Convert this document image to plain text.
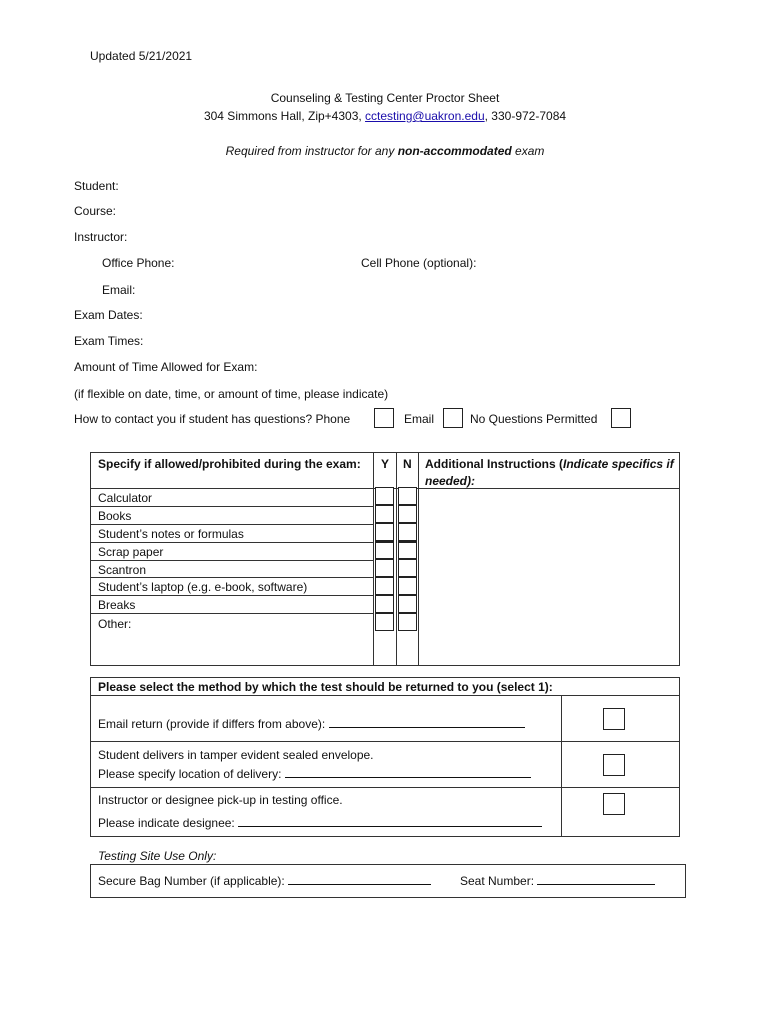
Updated 5/21/2021
Counseling & Testing Center Proctor Sheet
304 Simmons Hall, Zip+4303, cctesting@uakron.edu, 330-972-7084
Required from instructor for any non-accommodated exam
Student:
Course:
Instructor:
Office Phone:	Cell Phone (optional):
Email:
Exam Dates:
Exam Times:
Amount of Time Allowed for Exam:
(if flexible on date, time, or amount of time, please indicate)
How to contact you if student has questions? Phone	Email	No Questions Permitted
Specify if allowed/prohibited during the exam: Y N Additional Instructions (Indicate specifics if
needed):
Calculator
Books
Student’s notes or formulas
Scrap paper
Scantron
Student’s laptop (e.g. e-book, software)
Breaks
Other:
Please select the method by which the test should be returned to you (select 1):
Email return (provide if differs from above):
Student delivers in tamper evident sealed envelope.
Please specify location of delivery:
Instructor or designee pick-up in testing office.
Please indicate designee:
Testing Site Use Only:
Secure Bag Number (if applicable):	Seat Number:
